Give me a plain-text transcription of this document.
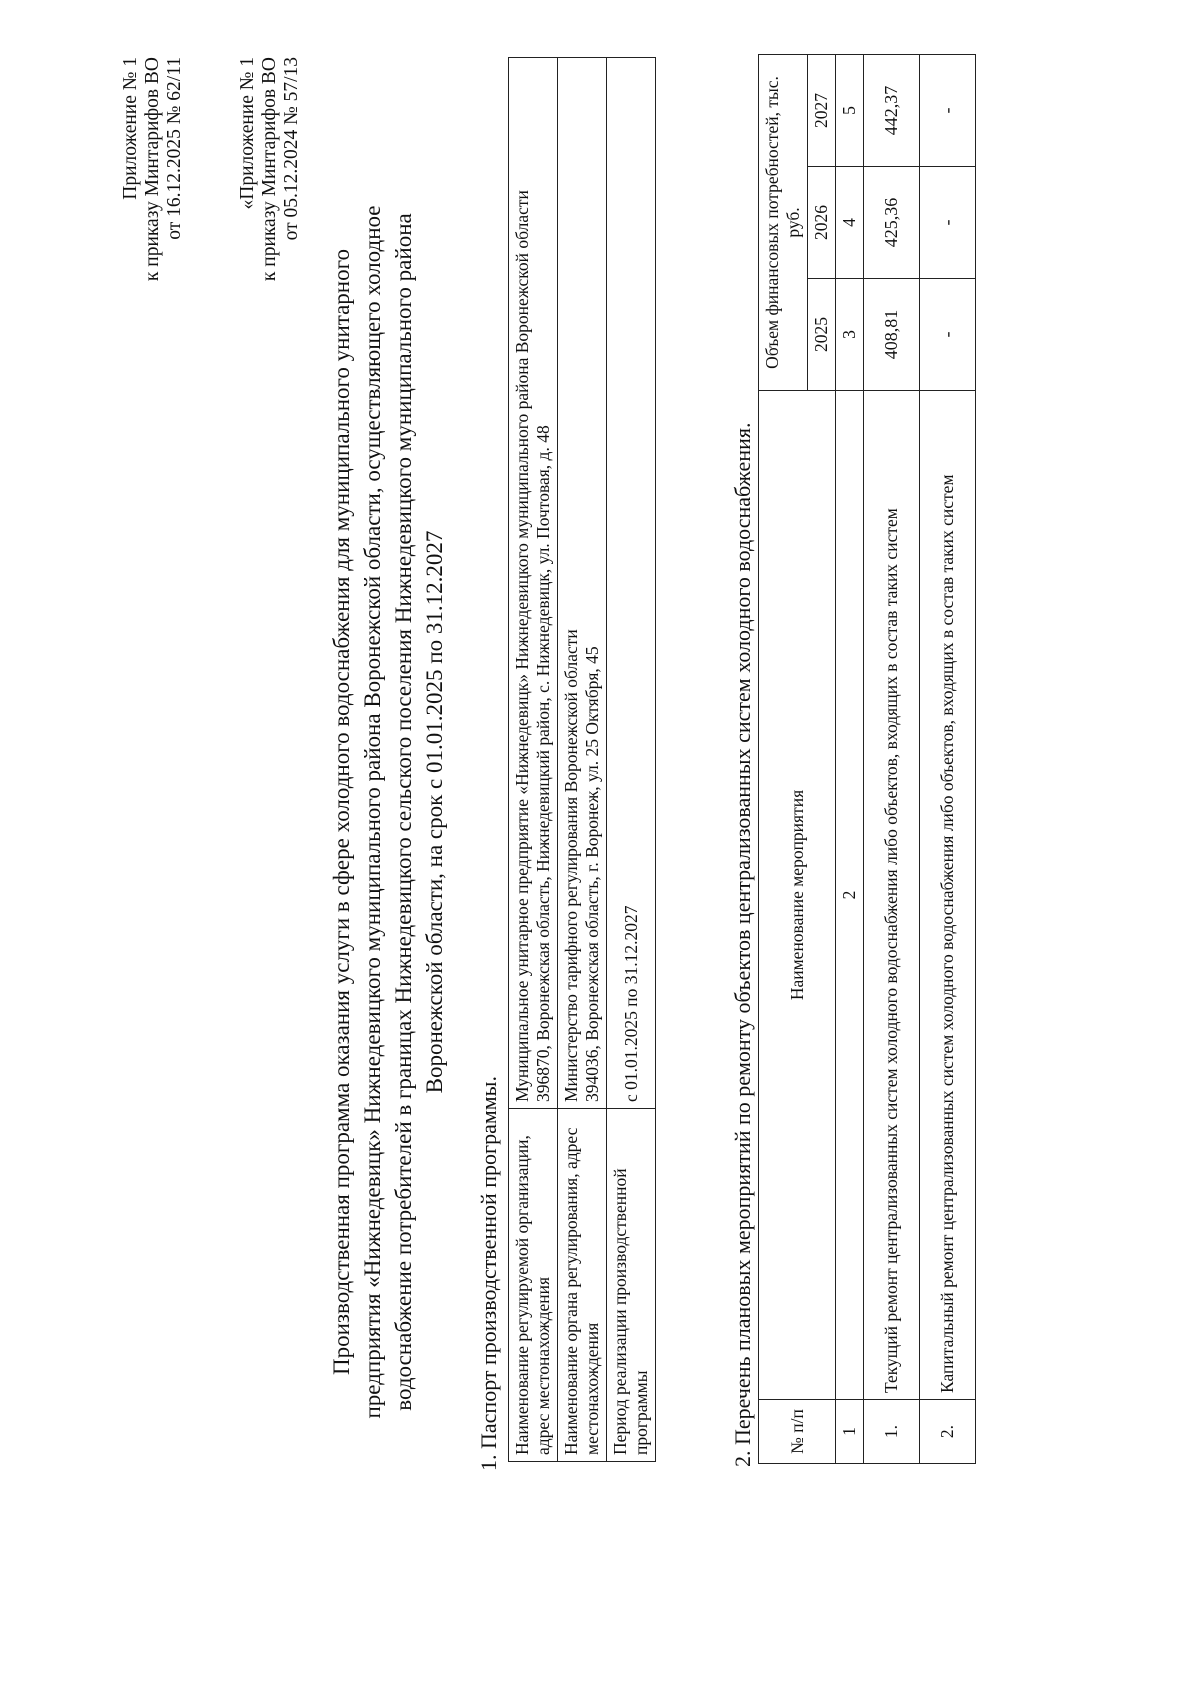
Приложение № 1 к приказу Минтарифов ВО от 16.12.2025 № 62/11	«Приложение № 1 к приказу Минтарифов ВО от 05.12.2024 № 57/13
Производственная программа оказания услуги в сфере холодного водоснабжения для муниципального унитарного предприятия «Нижнедевицк» Нижнедевицкого муниципального района Воронежской области, осуществляющего холодное водоснабжение потребителей в границах Нижнедевицкого сельского поселения Нижнедевицкого муниципального района Воронежской области, на срок с 01.01.2025 по 31.12.2027
1. Паспорт производственной программы. Наименование регулируемой организации, адрес местонахождения	Муниципальное унитарное предприятие «Нижнедевицк» Нижнедевицкого муниципального района Воронежской области 396870, Воронежская область, Нижнедевицкий район, с. Нижнедевицк, ул. Почтовая, д. 48

Наименование органа регулирования, адрес местонахождения	Министерство тарифного регулирования Воронежской области 394036, Воронежская область, г. Воронеж, ул. 25 Октября, 45

Период реализации производственной программы	с 01.01.2025 по 31.12.2027	2. Перечень плановых мероприятий по ремонту объектов централизованных систем холодного водоснабжения. № п/п	Наименование мероприятия	Объем финансовых потребностей, тыс. руб.		
		2025	2026	2027
1	2	3	4	5
1.	Текущий ремонт централизованных систем холодного водоснабжения либо объектов, входящих в состав таких систем	408,81	425,36	442,37
2.	Капитальный ремонт централизованных систем холодного водоснабжения либо объектов, входящих в состав таких систем	-	-	-
